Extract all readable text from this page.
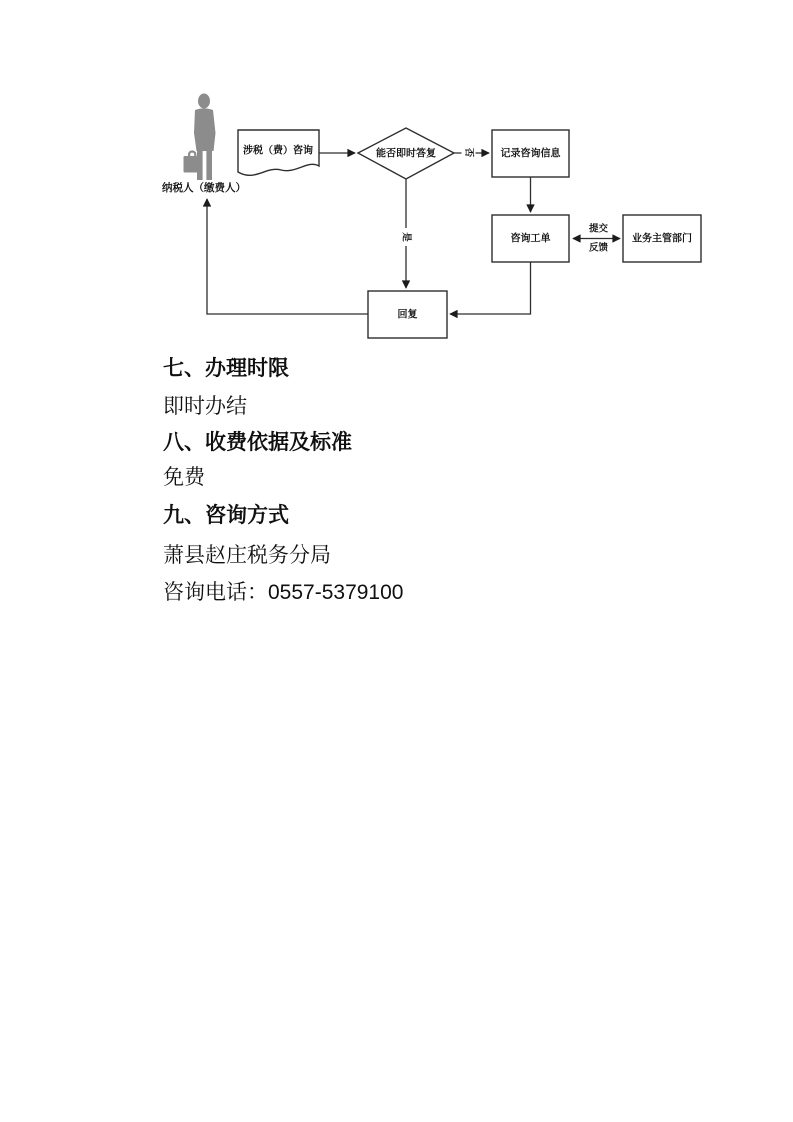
纳税人（缴费人）
涉税（费）咨询	能否即时答复	记录咨询信息
咨询工单	业务主管部门
回复
否
是
提交
反馈
七、办理时限
即时办结
八、收费依据及标准
免费
九、咨询方式
萧县赵庄税务分局
咨询电话：0557-5379100
